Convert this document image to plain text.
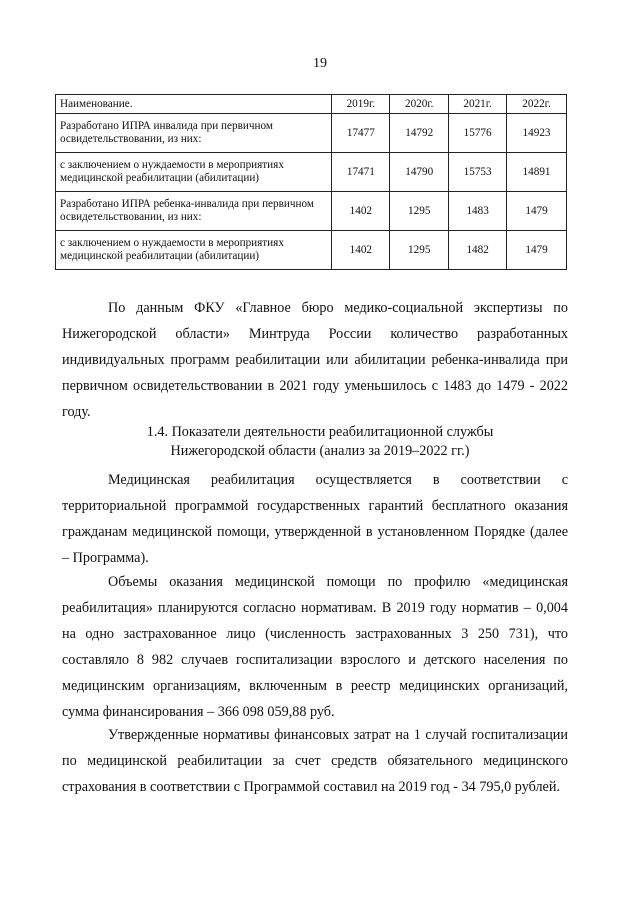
19
Наименование.	2019г.	2020г.	2021г.	2022г.
Разработано ИПРА инвалида при первичном освидетельствовании, из них:	17477	14792	15776	14923
с заключением о нуждаемости в мероприятиях медицинской реабилитации (абилитации)	17471	14790	15753	14891
Разработано ИПРА ребенка-инвалида при первичном освидетельствовании, из них:	1402	1295	1483	1479
с заключением о нуждаемости в мероприятиях медицинской реабилитации (абилитации)	1402	1295	1482	1479

По данным ФКУ «Главное бюро медико-социальной экспертизы по Нижегородской области» Минтруда России количество разработанных индивидуальных программ реабилитации или абилитации ребенка-инвалида при первичном освидетельствовании в 2021 году уменьшилось с 1483 до 1479 - 2022 году.

1.4. Показатели деятельности реабилитационной службы
Нижегородской области (анализ за 2019–2022 гг.)

Медицинская реабилитация осуществляется в соответствии с территориальной программой государственных гарантий бесплатного оказания гражданам медицинской помощи, утвержденной в установленном Порядке (далее – Программа).

Объемы оказания медицинской помощи по профилю «медицинская реабилитация» планируются согласно нормативам. В 2019 году норматив – 0,004 на одно застрахованное лицо (численность застрахованных 3 250 731), что составляло 8 982 случаев госпитализации взрослого и детского населения по медицинским организациям, включенным в реестр медицинских организаций, сумма финансирования – 366 098 059,88 руб.

Утвержденные нормативы финансовых затрат на 1 случай госпитализации по медицинской реабилитации за счет средств обязательного медицинского страхования в соответствии с Программой составил на 2019 год - 34 795,0 рублей.
